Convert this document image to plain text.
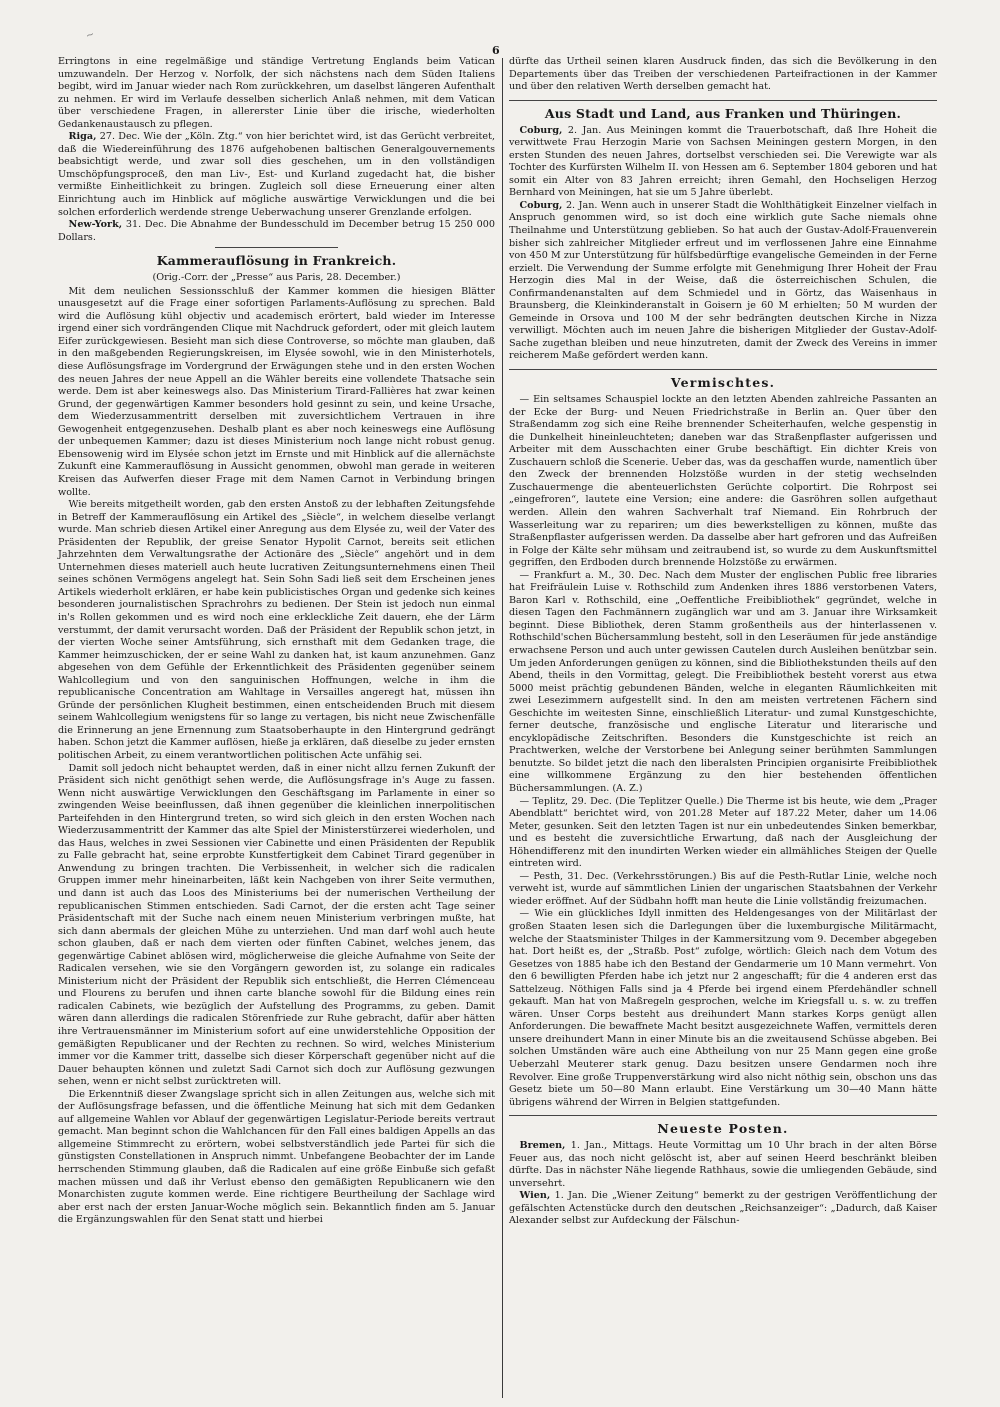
~
6

Erringtons in eine regelmäßige und ständige Vertretung Englands beim Vatican umzuwandeln. Der Herzog v. Norfolk, der sich nächstens nach dem Süden Italiens begibt, wird im Januar wieder nach Rom zurückkehren, um daselbst längeren Aufenthalt zu nehmen. Er wird im Verlaufe desselben sicherlich Anlaß nehmen, mit dem Vatican über verschiedene Fragen, in allererster Linie über die irische, wiederholten Gedankenaustausch zu pflegen.

Riga, 27. Dec. Wie der „Köln. Ztg.“ von hier berichtet wird, ist das Gerücht verbreitet, daß die Wiedereinführung des 1876 aufgehobenen baltischen Generalgouvernements beabsichtigt werde, und zwar soll dies geschehen, um in den vollständigen Umschöpfungsproceß, den man Liv-, Est- und Kurland zugedacht hat, die bisher vermißte Einheitlichkeit zu bringen. Zugleich soll diese Erneuerung einer alten Einrichtung auch im Hinblick auf mögliche auswärtige Verwicklungen und die bei solchen erforderlich werdende strenge Ueberwachung unserer Grenzlande erfolgen.

New-York, 31. Dec. Die Abnahme der Bundesschuld im December betrug 15 250 000 Dollars.

Kammerauflösung in Frankreich.
(Orig.-Corr. der „Presse“ aus Paris, 28. December.)

Mit dem neulichen Sessionsschluß der Kammer kommen die hiesigen Blätter unausgesetzt auf die Frage einer sofortigen Parlaments-Auflösung zu sprechen. Bald wird die Auflösung kühl objectiv und academisch erörtert, bald wieder im Interesse irgend einer sich vordrängenden Clique mit Nachdruck gefordert, oder mit gleich lautem Eifer zurückgewiesen. Besieht man sich diese Controverse, so möchte man glauben, daß in den maßgebenden Regierungskreisen, im Elysée sowohl, wie in den Ministerhotels, diese Auflösungsfrage im Vordergrund der Erwägungen stehe und in den ersten Wochen des neuen Jahres der neue Appell an die Wähler bereits eine vollendete Thatsache sein werde. Dem ist aber keineswegs also. Das Ministerium Tirard-Fallières hat zwar keinen Grund, der gegenwärtigen Kammer besonders hold gesinnt zu sein, und keine Ursache, dem Wiederzusammentritt derselben mit zuversichtlichem Vertrauen in ihre Gewogenheit entgegenzusehen. Deshalb plant es aber noch keineswegs eine Auflösung der unbequemen Kammer; dazu ist dieses Ministerium noch lange nicht robust genug. Ebensowenig wird im Elysée schon jetzt im Ernste und mit Hinblick auf die allernächste Zukunft eine Kammerauflösung in Aussicht genommen, obwohl man gerade in weiteren Kreisen das Aufwerfen dieser Frage mit dem Namen Carnot in Verbindung bringen wollte.

Wie bereits mitgetheilt worden, gab den ersten Anstoß zu der lebhaften Zeitungsfehde in Betreff der Kammerauflösung ein Artikel des „Siècle“, in welchem dieselbe verlangt wurde. Man schrieb diesen Artikel einer Anregung aus dem Elysée zu, weil der Vater des Präsidenten der Republik, der greise Senator Hypolit Carnot, bereits seit etlichen Jahrzehnten dem Verwaltungsrathe der Actionäre des „Siècle“ angehört und in dem Unternehmen dieses materiell auch heute lucrativen Zeitungsunternehmens einen Theil seines schönen Vermögens angelegt hat. Sein Sohn Sadi ließ seit dem Erscheinen jenes Artikels wiederholt erklären, er habe kein publicistisches Organ und gedenke sich keines besonderen journalistischen Sprachrohrs zu bedienen. Der Stein ist jedoch nun einmal in's Rollen gekommen und es wird noch eine erkleckliche Zeit dauern, ehe der Lärm verstummt, der damit verursacht worden. Daß der Präsident der Republik schon jetzt, in der vierten Woche seiner Amtsführung, sich ernsthaft mit dem Gedanken trage, die Kammer heimzuschicken, der er seine Wahl zu danken hat, ist kaum anzunehmen. Ganz abgesehen von dem Gefühle der Erkenntlichkeit des Präsidenten gegenüber seinem Wahlcollegium und von den sanguinischen Hoffnungen, welche in ihm die republicanische Concentration am Wahltage in Versailles angeregt hat, müssen ihn Gründe der persönlichen Klugheit bestimmen, einen entscheidenden Bruch mit diesem seinem Wahlcollegium wenigstens für so lange zu vertagen, bis nicht neue Zwischenfälle die Erinnerung an jene Ernennung zum Staatsoberhaupte in den Hintergrund gedrängt haben. Schon jetzt die Kammer auflösen, hieße ja erklären, daß dieselbe zu jeder ernsten politischen Arbeit, zu einem verantwortlichen politischen Acte unfähig sei.

Damit soll jedoch nicht behauptet werden, daß in einer nicht allzu fernen Zukunft der Präsident sich nicht genöthigt sehen werde, die Auflösungsfrage in's Auge zu fassen. Wenn nicht auswärtige Verwicklungen den Geschäftsgang im Parlamente in einer so zwingenden Weise beeinflussen, daß ihnen gegenüber die kleinlichen innerpolitischen Parteifehden in den Hintergrund treten, so wird sich gleich in den ersten Wochen nach Wiederzusammentritt der Kammer das alte Spiel der Ministerstürzerei wiederholen, und das Haus, welches in zwei Sessionen vier Cabinette und einen Präsidenten der Republik zu Falle gebracht hat, seine erprobte Kunstfertigkeit dem Cabinet Tirard gegenüber in Anwendung zu bringen trachten. Die Verbissenheit, in welcher sich die radicalen Gruppen immer mehr hineinarbeiten, läßt kein Nachgeben von ihrer Seite vermuthen, und dann ist auch das Loos des Ministeriums bei der numerischen Vertheilung der republicanischen Stimmen entschieden. Sadi Carnot, der die ersten acht Tage seiner Präsidentschaft mit der Suche nach einem neuen Ministerium verbringen mußte, hat sich dann abermals der gleichen Mühe zu unterziehen. Und man darf wohl auch heute schon glauben, daß er nach dem vierten oder fünften Cabinet, welches jenem, das gegenwärtige Cabinet ablösen wird, möglicherweise die gleiche Aufnahme von Seite der Radicalen versehen, wie sie den Vorgängern geworden ist, zu solange ein radicales Ministerium nicht der Präsident der Republik sich entschließt, die Herren Clémenceau und Flourens zu berufen und ihnen carte blanche sowohl für die Bildung eines rein radicalen Cabinets, wie bezüglich der Aufstellung des Programms, zu geben. Damit wären dann allerdings die radicalen Störenfriede zur Ruhe gebracht, dafür aber hätten ihre Vertrauensmänner im Ministerium sofort auf eine unwiderstehliche Opposition der gemäßigten Republicaner und der Rechten zu rechnen. So wird, welches Ministerium immer vor die Kammer tritt, dasselbe sich dieser Körperschaft gegenüber nicht auf die Dauer behaupten können und zuletzt Sadi Carnot sich doch zur Auflösung gezwungen sehen, wenn er nicht selbst zurücktreten will.

Die Erkenntniß dieser Zwangslage spricht sich in allen Zeitungen aus, welche sich mit der Auflösungsfrage befassen, und die öffentliche Meinung hat sich mit dem Gedanken auf allgemeine Wahlen vor Ablauf der gegenwärtigen Legislatur-Periode bereits vertraut gemacht. Man beginnt schon die Wahlchancen für den Fall eines baldigen Appells an das allgemeine Stimmrecht zu erörtern, wobei selbstverständlich jede Partei für sich die günstigsten Constellationen in Anspruch nimmt. Unbefangene Beobachter der im Lande herrschenden Stimmung glauben, daß die Radicalen auf eine größe Einbuße sich gefaßt machen müssen und daß ihr Verlust ebenso den gemäßigten Republicanern wie den Monarchisten zugute kommen werde. Eine richtigere Beurtheilung der Sachlage wird aber erst nach der ersten Januar-Woche möglich sein. Bekanntlich finden am 5. Januar die Ergänzungswahlen für den Senat statt und hierbei

dürfte das Urtheil seinen klaren Ausdruck finden, das sich die Bevölkerung in den Departements über das Treiben der verschiedenen Parteifractionen in der Kammer und über den relativen Werth derselben gemacht hat.

Aus Stadt und Land, aus Franken und Thüringen.

Coburg, 2. Jan. Aus Meiningen kommt die Trauerbotschaft, daß Ihre Hoheit die verwittwete Frau Herzogin Marie von Sachsen Meiningen gestern Morgen, in den ersten Stunden des neuen Jahres, dortselbst verschieden sei. Die Verewigte war als Tochter des Kurfürsten Wilhelm II. von Hessen am 6. September 1804 geboren und hat somit ein Alter von 83 Jahren erreicht; ihren Gemahl, den Hochseligen Herzog Bernhard von Meiningen, hat sie um 5 Jahre überlebt.

Coburg, 2. Jan. Wenn auch in unserer Stadt die Wohlthätigkeit Einzelner vielfach in Anspruch genommen wird, so ist doch eine wirklich gute Sache niemals ohne Theilnahme und Unterstützung geblieben. So hat auch der Gustav-Adolf-Frauenverein bisher sich zahlreicher Mitglieder erfreut und im verflossenen Jahre eine Einnahme von 450 M zur Unterstützung für hülfsbedürftige evangelische Gemeinden in der Ferne erzielt. Die Verwendung der Summe erfolgte mit Genehmigung Ihrer Hoheit der Frau Herzogin dies Mal in der Weise, daß die österreichischen Schulen, die Confirmandenanstalten auf dem Schmiedel und in Görtz, das Waisenhaus in Braunsberg, die Kleinkinderanstalt in Goisern je 60 M erhielten; 50 M wurden der Gemeinde in Orsova und 100 M der sehr bedrängten deutschen Kirche in Nizza verwilligt. Möchten auch im neuen Jahre die bisherigen Mitglieder der Gustav-Adolf-Sache zugethan bleiben und neue hinzutreten, damit der Zweck des Vereins in immer reicherem Maße gefördert werden kann.

Vermischtes.

— Ein seltsames Schauspiel lockte an den letzten Abenden zahlreiche Passanten an der Ecke der Burg- und Neuen Friedrichstraße in Berlin an. Quer über den Straßendamm zog sich eine Reihe brennender Scheiterhaufen, welche gespenstig in die Dunkelheit hineinleuchteten; daneben war das Straßenpflaster aufgerissen und Arbeiter mit dem Ausschachten einer Grube beschäftigt. Ein dichter Kreis von Zuschauern schloß die Scenerie. Ueber das, was da geschaffen wurde, namentlich über den Zweck der brennenden Holzstöße wurden in der stetig wechselnden Zuschauermenge die abenteuerlichsten Gerüchte colportirt. Die Rohrpost sei „eingefroren“, lautete eine Version; eine andere: die Gasröhren sollen aufgethaut werden. Allein den wahren Sachverhalt traf Niemand. Ein Rohrbruch der Wasserleitung war zu repariren; um dies bewerkstelligen zu können, mußte das Straßenpflaster aufgerissen werden. Da dasselbe aber hart gefroren und das Aufreißen in Folge der Kälte sehr mühsam und zeitraubend ist, so wurde zu dem Auskunftsmittel gegriffen, den Erdboden durch brennende Holzstöße zu erwärmen.

— Frankfurt a. M., 30. Dec. Nach dem Muster der englischen Public free libraries hat Freifräulein Luise v. Rothschild zum Andenken ihres 1886 verstorbenen Vaters, Baron Karl v. Rothschild, eine „Oeffentliche Freibibliothek“ gegründet, welche in diesen Tagen den Fachmännern zugänglich war und am 3. Januar ihre Wirksamkeit beginnt. Diese Bibliothek, deren Stamm großentheils aus der hinterlassenen v. Rothschild'schen Büchersammlung besteht, soll in den Leseräumen für jede anständige erwachsene Person und auch unter gewissen Cautelen durch Ausleihen benützbar sein. Um jeden Anforderungen genügen zu können, sind die Bibliothekstunden theils auf den Abend, theils in den Vormittag, gelegt. Die Freibibliothek besteht vorerst aus etwa 5000 meist prächtig gebundenen Bänden, welche in eleganten Räumlichkeiten mit zwei Lesezimmern aufgestellt sind. In den am meisten vertretenen Fächern sind Geschichte im weitesten Sinne, einschließlich Literatur- und zumal Kunstgeschichte, ferner deutsche, französische und englische Literatur und literarische und encyklopädische Zeitschriften. Besonders die Kunstgeschichte ist reich an Prachtwerken, welche der Verstorbene bei Anlegung seiner berühmten Sammlungen benutzte. So bildet jetzt die nach den liberalsten Principien organisirte Freibibliothek eine willkommene Ergänzung zu den hier bestehenden öffentlichen Büchersammlungen. (A. Z.)

— Teplitz, 29. Dec. (Die Teplitzer Quelle.) Die Therme ist bis heute, wie dem „Prager Abendblatt“ berichtet wird, von 201.28 Meter auf 187.22 Meter, daher um 14.06 Meter, gesunken. Seit den letzten Tagen ist nur ein unbedeutendes Sinken bemerkbar, und es besteht die zuversichtliche Erwartung, daß nach der Ausgleichung der Höhendifferenz mit den inundirten Werken wieder ein allmähliches Steigen der Quelle eintreten wird.

— Pesth, 31. Dec. (Verkehrsstörungen.) Bis auf die Pesth-Rutlar Linie, welche noch verweht ist, wurde auf sämmtlichen Linien der ungarischen Staatsbahnen der Verkehr wieder eröffnet. Auf der Südbahn hofft man heute die Linie vollständig freizumachen.

— Wie ein glückliches Idyll inmitten des Heldengesanges von der Militärlast der großen Staaten lesen sich die Darlegungen über die luxemburgische Militärmacht, welche der Staatsminister Thilges in der Kammersitzung vom 9. December abgegeben hat. Dort heißt es, der „Straßb. Post“ zufolge, wörtlich: Gleich nach dem Votum des Gesetzes von 1885 habe ich den Bestand der Gendarmerie um 10 Mann vermehrt. Von den 6 bewilligten Pferden habe ich jetzt nur 2 angeschafft; für die 4 anderen erst das Sattelzeug. Nöthigen Falls sind ja 4 Pferde bei irgend einem Pferdehändler schnell gekauft. Man hat von Maßregeln gesprochen, welche im Kriegsfall u. s. w. zu treffen wären. Unser Corps besteht aus dreihundert Mann starkes Korps genügt allen Anforderungen. Die bewaffnete Macht besitzt ausgezeichnete Waffen, vermittels deren unsere dreihundert Mann in einer Minute bis an die zweitausend Schüsse abgeben. Bei solchen Umständen wäre auch eine Abtheilung von nur 25 Mann gegen eine große Ueberzahl Meuterer stark genug. Dazu besitzen unsere Gendarmen noch ihre Revolver. Eine große Truppenverstärkung wird also nicht nöthig sein, obschon uns das Gesetz biete um 50—80 Mann erlaubt. Eine Verstärkung um 30—40 Mann hätte übrigens während der Wirren in Belgien stattgefunden.

Neueste Posten.

Bremen, 1. Jan., Mittags. Heute Vormittag um 10 Uhr brach in der alten Börse Feuer aus, das noch nicht gelöscht ist, aber auf seinen Heerd beschränkt bleiben dürfte. Das in nächster Nähe liegende Rathhaus, sowie die umliegenden Gebäude, sind unversehrt.

Wien, 1. Jan. Die „Wiener Zeitung“ bemerkt zu der gestrigen Veröffentlichung der gefälschten Actenstücke durch den deutschen „Reichsanzeiger“: „Dadurch, daß Kaiser Alexander selbst zur Aufdeckung der Fälschun-
